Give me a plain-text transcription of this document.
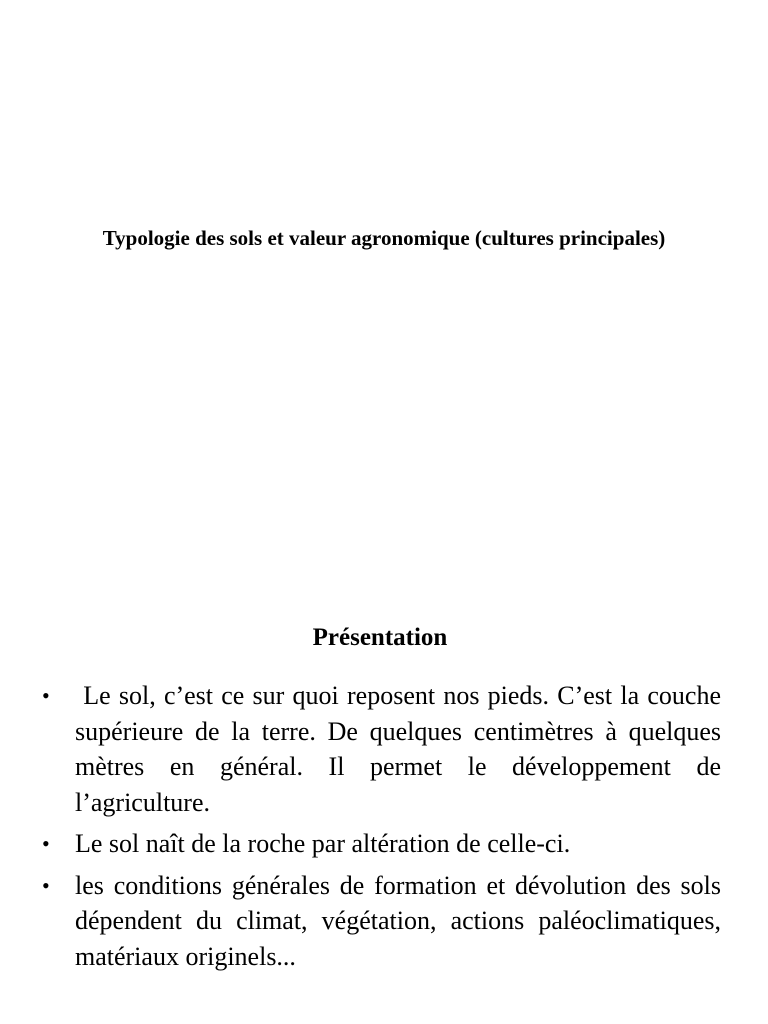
Typologie des sols et valeur agronomique (cultures principales)
Présentation
• Le sol, c’est ce sur quoi reposent nos pieds. C’est la couche supérieure de la terre. De quelques centimètres à quelques mètres en général. Il permet le développement de l’agriculture.
• Le sol naît de la roche par altération de celle-ci.
• les conditions générales de formation et dévolution des sols dépendent du climat, végétation, actions paléoclimatiques, matériaux originels...
